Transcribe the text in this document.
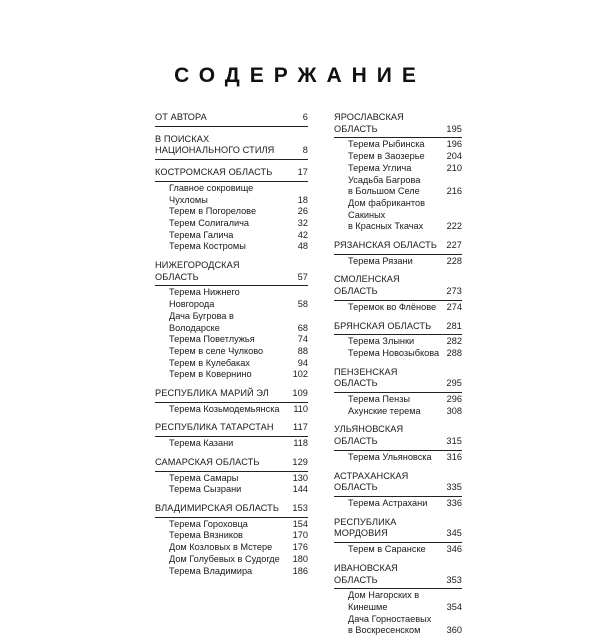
СОДЕРЖАНИЕ
ОТ АВТОРА	6
В ПОИСКАХ
НАЦИОНАЛЬНОГО СТИЛЯ	8
КОСТРОМСКАЯ ОБЛАСТЬ	17
Главное сокровище
Чухломы	18
Терем в Погорелове	26
Терем Солигалича	32
Терема Галича	42
Терема Костромы	48
НИЖЕГОРОДСКАЯ ОБЛАСТЬ	57
Терема Нижнего Новгорода	58
Дача Бугрова в Володарске	68
Терема Поветлужья	74
Терем в селе Чулково	88
Терем в Кулебаках	94
Терем в Ковернино	102
РЕСПУБЛИКА МАРИЙ ЭЛ	109
Терема Козьмодемьянска	110
РЕСПУБЛИКА ТАТАРСТАН	117
Терема Казани	118
САМАРСКАЯ ОБЛАСТЬ	129
Терема Самары	130
Терема Сызрани	144
ВЛАДИМИРСКАЯ ОБЛАСТЬ	153
Терема Гороховца	154
Терема Вязников	170
Дом Козловых в Мстере	176
Дом Голубевых в Судогде	180
Терема Владимира	186
ЯРОСЛАВСКАЯ ОБЛАСТЬ	195
Терема Рыбинска	196
Терем в Заозерье	204
Терема Углича	210
Усадьба Багрова
в Большом Селе	216
Дом фабрикантов Сакиных
в Красных Ткачах	222
РЯЗАНСКАЯ ОБЛАСТЬ	227
Терема Рязани	228
СМОЛЕНСКАЯ ОБЛАСТЬ	273
Теремок во Флёнове	274
БРЯНСКАЯ ОБЛАСТЬ	281
Терема Злынки	282
Терема Новозыбкова 288
ПЕНЗЕНСКАЯ ОБЛАСТЬ	295
Терема Пензы	296
Ахунские терема	308
УЛЬЯНОВСКАЯ ОБЛАСТЬ	315
Терема Ульяновска	316
АСТРАХАНСКАЯ ОБЛАСТЬ	335
Терема Астрахани	336
РЕСПУБЛИКА МОРДОВИЯ	345
Терем в Саранске	346
ИВАНОВСКАЯ ОБЛАСТЬ	353
Дом Нагорских в Кинешме	354
Дача Горностаевых
в Воскресенском	360
